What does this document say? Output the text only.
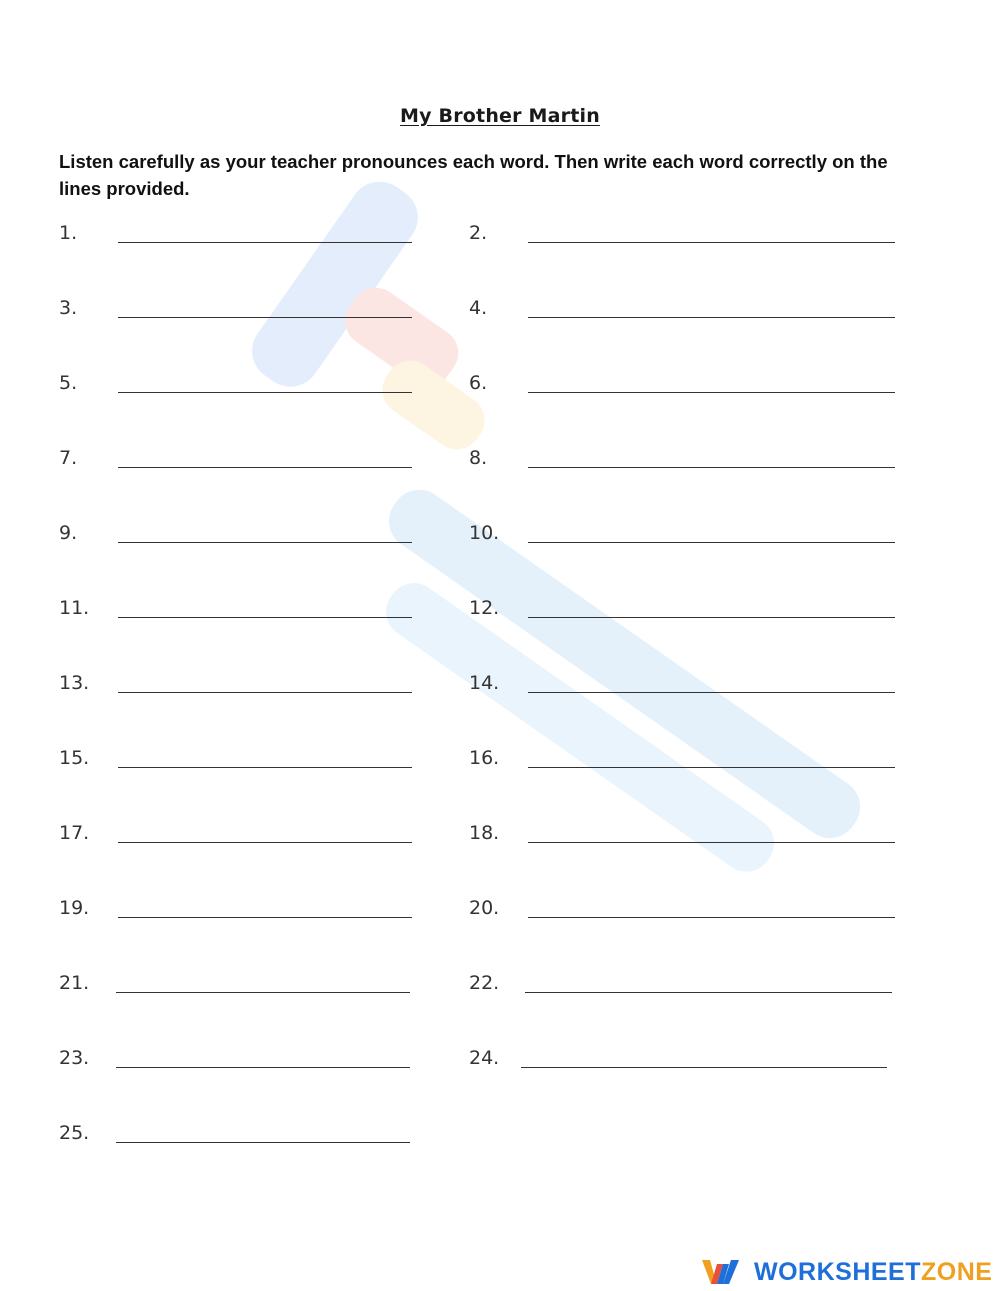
My Brother Martin
Listen carefully as your teacher pronounces each word. Then write each word correctly on the lines provided.
1.	2.
3.	4.
5.	6.
7.	8.
9.	10.
11.	12.
13.	14.
15.	16.
17.	18.
19.	20.
21.	22.
23.	24.
25.
WORKSHEETZONE
